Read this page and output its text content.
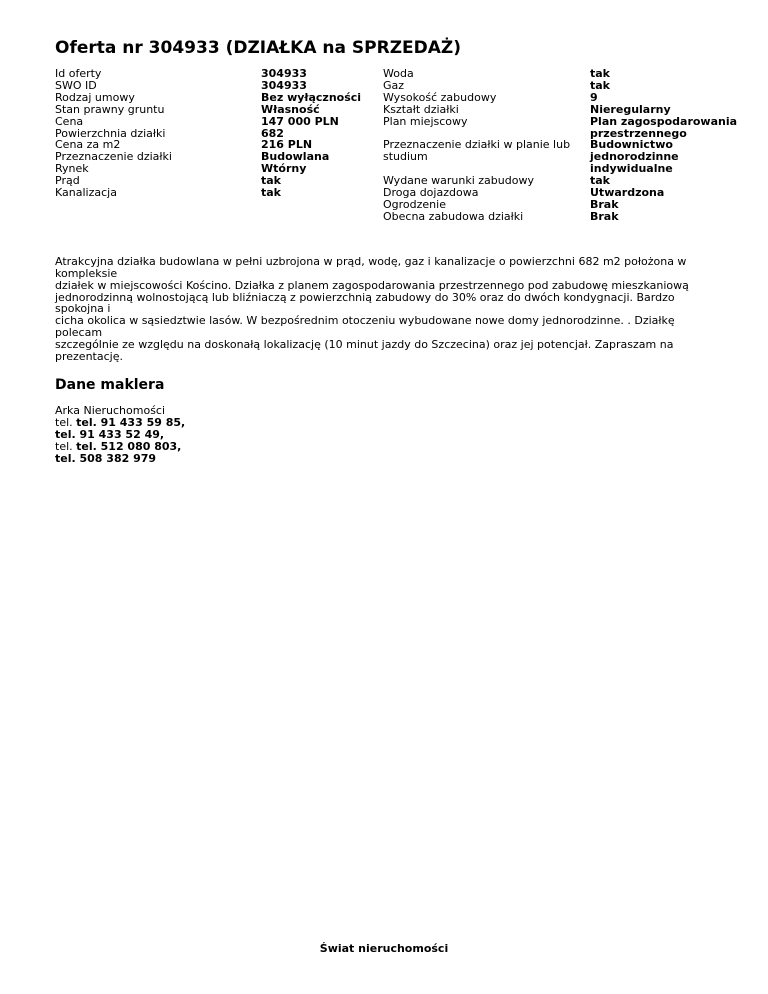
Oferta nr 304933 (DZIAŁKA na SPRZEDAŻ)
Id oferty	304933
SWO ID	304933
Rodzaj umowy	Bez wyłączności
Stan prawny gruntu	Własność
Cena	147 000 PLN
Powierzchnia działki	682
Cena za m2	216 PLN
Przeznaczenie działki	Budowlana
Rynek	Wtórny
Prąd	tak
Kanalizacja	tak
Woda	tak
Gaz	tak
Wysokość zabudowy	9
Kształt działki	Nieregularny
Plan miejscowy	Plan zagospodarowania
przestrzennego
Przeznaczenie działki w planie lub	Budownictwo
studium	jednorodzinne indywidualne
Wydane warunki zabudowy	tak
Droga dojazdowa	Utwardzona
Ogrodzenie	Brak
Obecna zabudowa działki	Brak
Atrakcyjna działka budowlana w pełni uzbrojona w prąd, wodę, gaz i kanalizacje o powierzchni 682 m2 położona w kompleksie
działek w miejscowości Kościno. Działka z planem zagospodarowania przestrzennego pod zabudowę mieszkaniową
jednorodzinną wolnostojącą lub bliźniaczą z powierzchnią zabudowy do 30% oraz do dwóch kondygnacji. Bardzo spokojna i
cicha okolica w sąsiedztwie lasów. W bezpośrednim otoczeniu wybudowane nowe domy jednorodzinne. . Działkę polecam
szczególnie ze względu na doskonałą lokalizację (10 minut jazdy do Szczecina) oraz jej potencjał. Zapraszam na prezentację.
Dane maklera
Arka Nieruchomości
tel. tel. 91 433 59 85,
tel. 91 433 52 49,
tel. tel. 512 080 803,
tel. 508 382 979
Świat nieruchomości
